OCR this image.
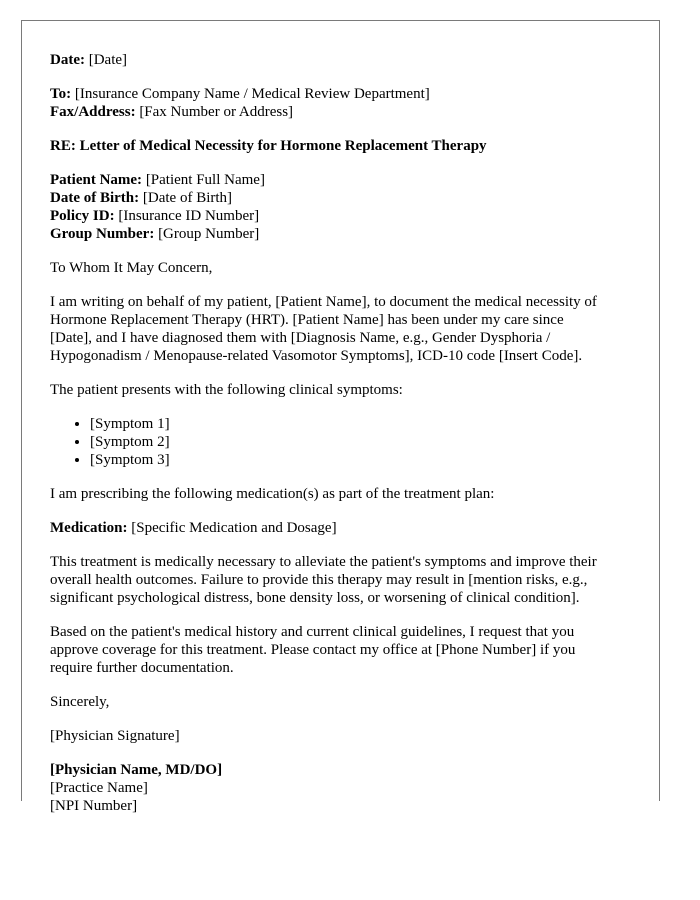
Date: [Date]

To: [Insurance Company Name / Medical Review Department]

Fax/Address: [Fax Number or Address]

RE: Letter of Medical Necessity for Hormone Replacement Therapy

Patient Name: [Patient Full Name]

Date of Birth: [Date of Birth]

Policy ID: [Insurance ID Number]

Group Number: [Group Number]

To Whom It May Concern,

I am writing on behalf of my patient, [Patient Name], to document the medical necessity of

Hormone Replacement Therapy (HRT). [Patient Name] has been under my care since

[Date], and I have diagnosed them with [Diagnosis Name, e.g., Gender Dysphoria /

Hypogonadism / Menopause-related Vasomotor Symptoms], ICD-10 code [Insert Code].

The patient presents with the following clinical symptoms:

• [Symptom 1]
• [Symptom 2]
• [Symptom 3]

I am prescribing the following medication(s) as part of the treatment plan:

Medication: [Specific Medication and Dosage]

This treatment is medically necessary to alleviate the patient's symptoms and improve their

overall health outcomes. Failure to provide this therapy may result in [mention risks, e.g.,

significant psychological distress, bone density loss, or worsening of clinical condition].

Based on the patient's medical history and current clinical guidelines, I request that you

approve coverage for this treatment. Please contact my office at [Phone Number] if you

require further documentation.

Sincerely,

[Physician Signature]

[Physician Name, MD/DO]

[Practice Name]

[NPI Number]
